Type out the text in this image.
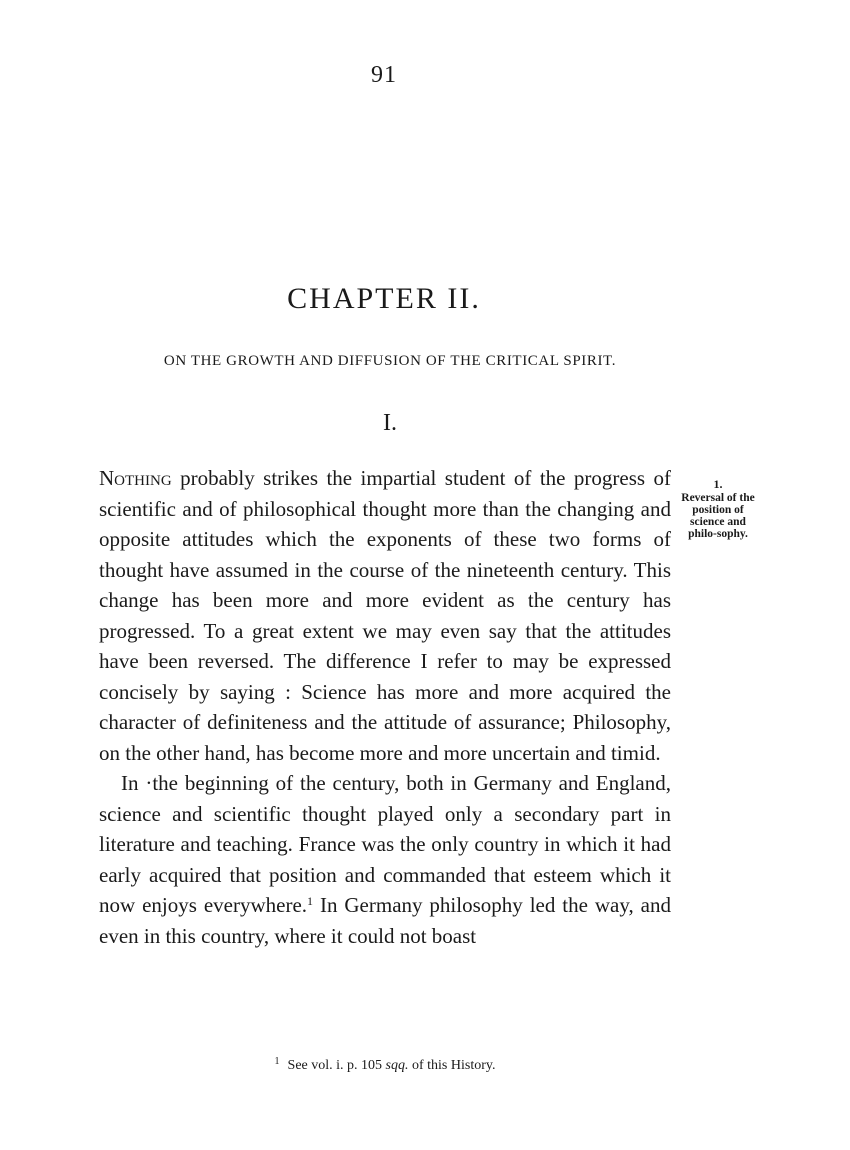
91
CHAPTER II.
ON THE GROWTH AND DIFFUSION OF THE CRITICAL SPIRIT.
I.

Nothing probably strikes the impartial student of the progress of scientific and of philosophical thought more than the changing and opposite attitudes which the exponents of these two forms of thought have assumed in the course of the nineteenth century. This change has been more and more evident as the century has progressed. To a great extent we may even say that the attitudes have been reversed. The difference I refer to may be expressed concisely by saying : Science has more and more acquired the character of definiteness and the attitude of assurance; Philosophy, on the other hand, has become more and more uncertain and timid.

In ·the beginning of the century, both in Germany and England, science and scientific thought played only a secondary part in literature and teaching. France was the only country in which it had early acquired that position and commanded that esteem which it now enjoys everywhere.$^1$ In Germany philosophy led the way, and even in this country, where it could not boast

1.
Reversal of the position of science and philo-sophy.
$^1$ See vol. i. p. 105 sqq. of this History.
